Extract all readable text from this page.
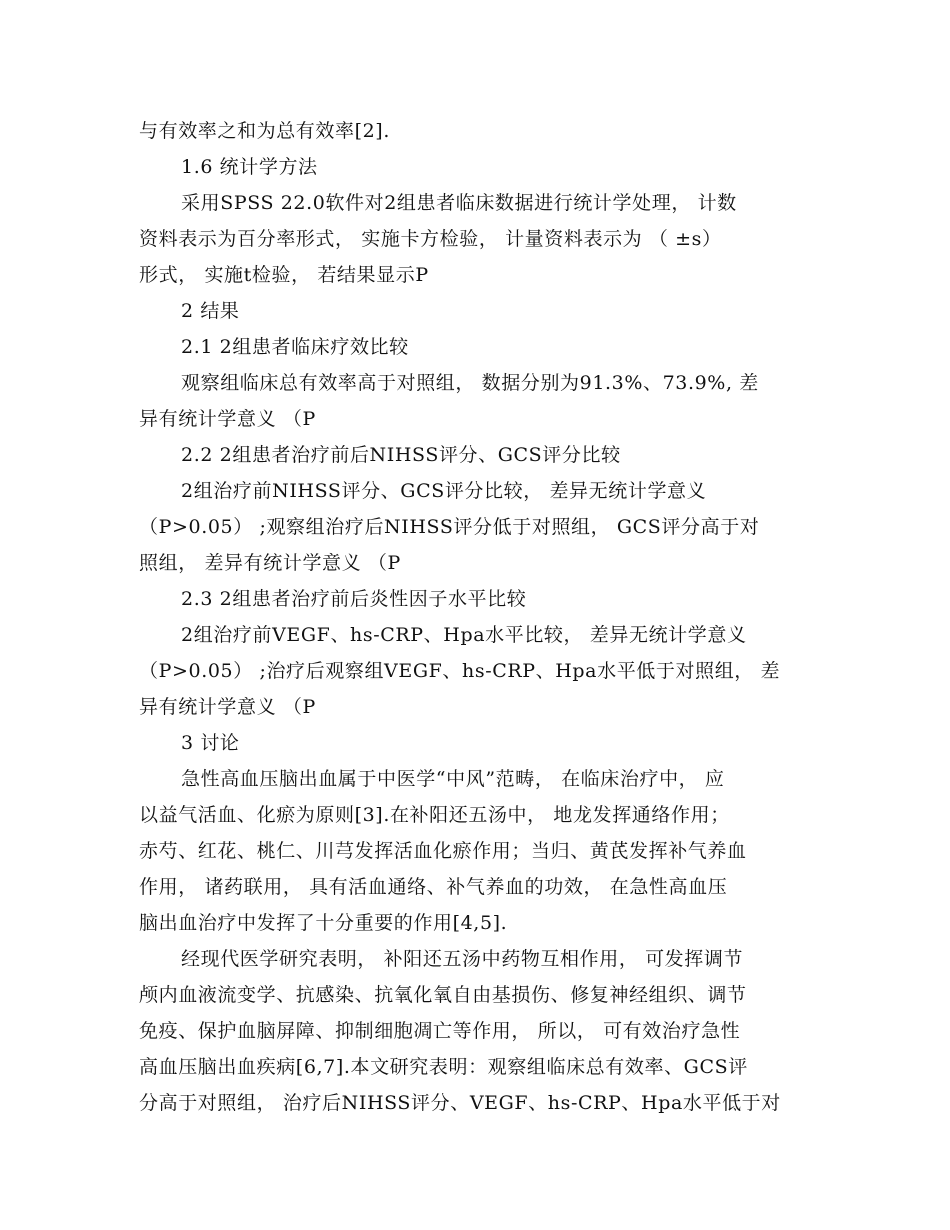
与有效率之和为总有效率[2].
1.6 统计学方法
采用SPSS 22.0软件对2组患者临床数据进行统计学处理， 计数
资料表示为百分率形式， 实施卡方检验， 计量资料表示为 （ ±s）
形式， 实施t检验， 若结果显示P
2 结果
2.1 2组患者临床疗效比较
观察组临床总有效率高于对照组， 数据分别为91.3%、73.9%, 差
异有统计学意义 （P
2.2 2组患者治疗前后NIHSS评分、GCS评分比较
2组治疗前NIHSS评分、GCS评分比较， 差异无统计学意义
（P>0.05） ;观察组治疗后NIHSS评分低于对照组， GCS评分高于对
照组， 差异有统计学意义 （P
2.3 2组患者治疗前后炎性因子水平比较
2组治疗前VEGF、hs-CRP、Hpa水平比较， 差异无统计学意义
（P>0.05） ;治疗后观察组VEGF、hs-CRP、Hpa水平低于对照组， 差
异有统计学意义 （P
3 讨论
急性高血压脑出血属于中医学“中风”范畴， 在临床治疗中， 应
以益气活血、化瘀为原则[3].在补阳还五汤中， 地龙发挥通络作用；
赤芍、红花、桃仁、川芎发挥活血化瘀作用；当归、黄芪发挥补气养血
作用， 诸药联用， 具有活血通络、补气养血的功效， 在急性高血压
脑出血治疗中发挥了十分重要的作用[4,5].
经现代医学研究表明， 补阳还五汤中药物互相作用， 可发挥调节
颅内血液流变学、抗感染、抗氧化氧自由基损伤、修复神经组织、调节
免疫、保护血脑屏障、抑制细胞凋亡等作用， 所以， 可有效治疗急性
高血压脑出血疾病[6,7].本文研究表明：观察组临床总有效率、GCS评
分高于对照组， 治疗后NIHSS评分、VEGF、hs-CRP、Hpa水平低于对
